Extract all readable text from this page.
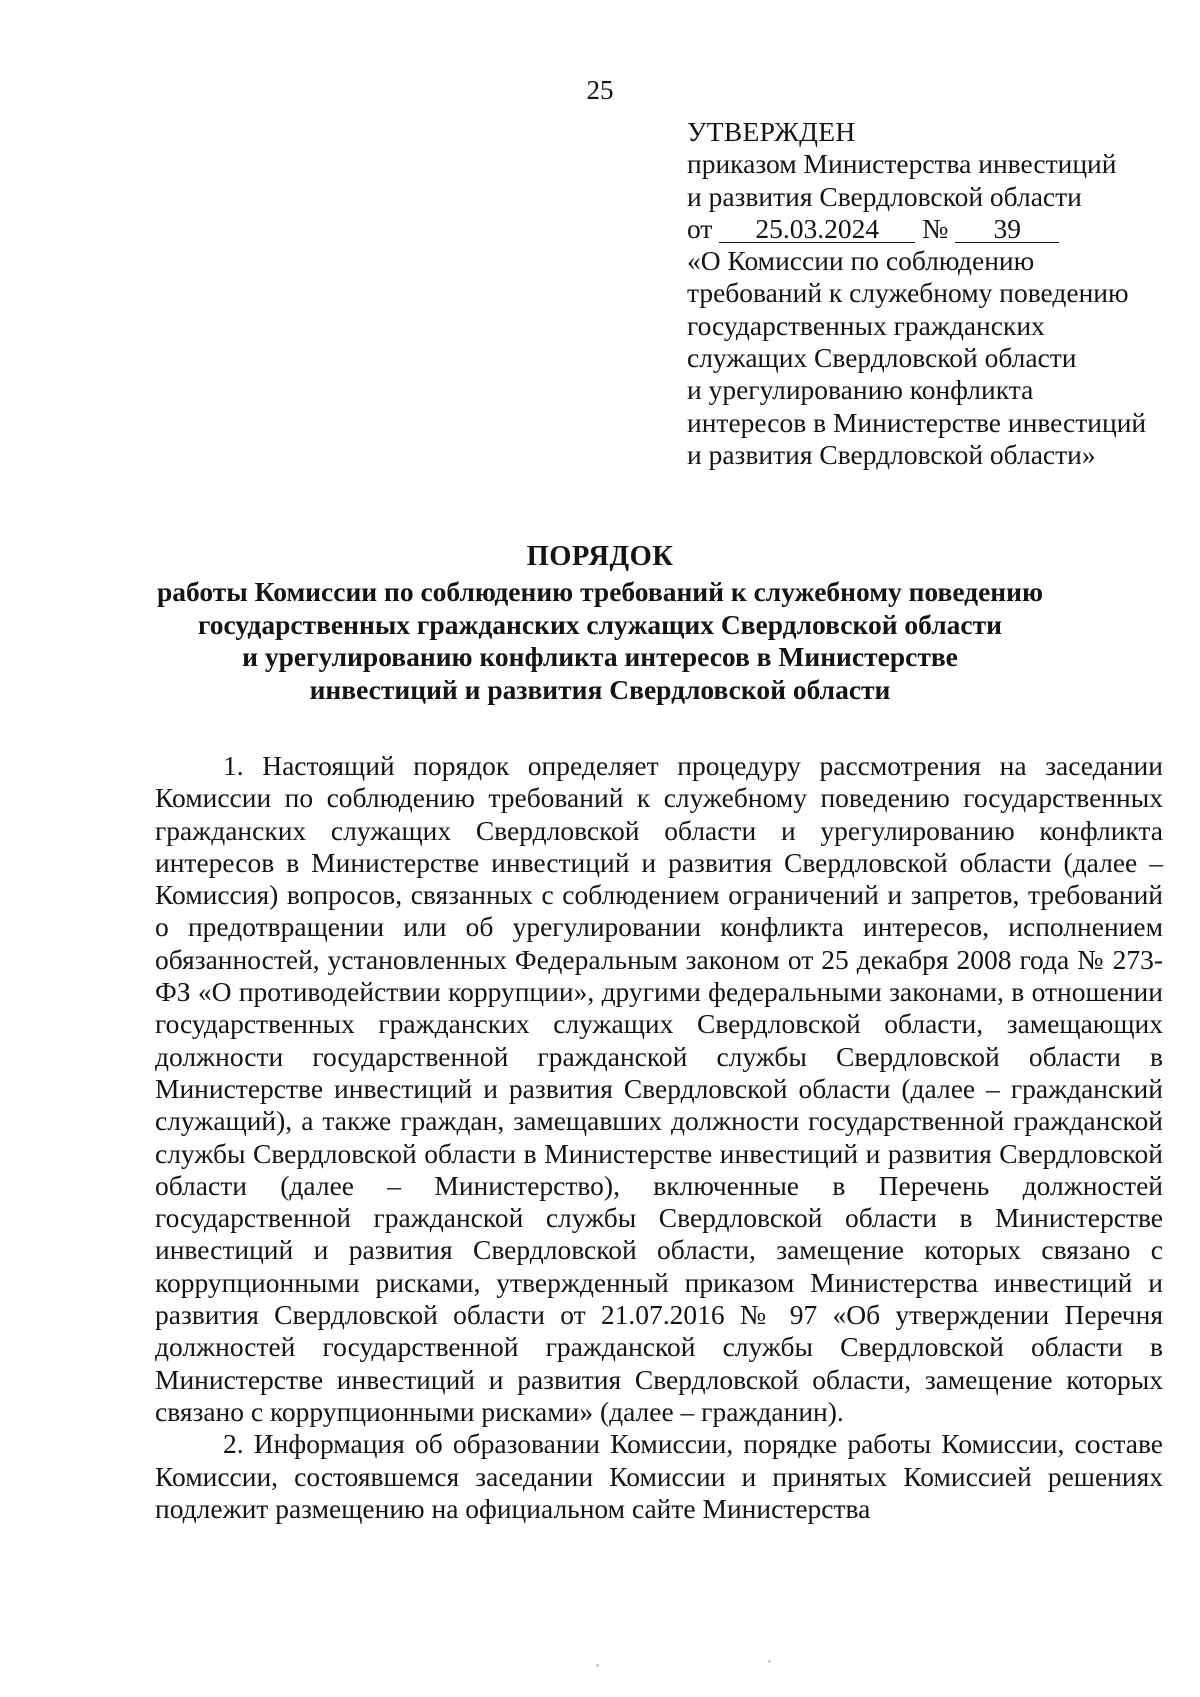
25
УТВЕРЖДЕН
приказом Министерства инвестиций
и развития Свердловской области
от 25.03.2024 № 39
«О Комиссии по соблюдению
требований к служебному поведению
государственных гражданских
служащих Свердловской области
и урегулированию конфликта
интересов в Министерстве инвестиций
и развития Свердловской области»
ПОРЯДОК
работы Комиссии по соблюдению требований к служебному поведению
государственных гражданских служащих Свердловской области
и урегулированию конфликта интересов в Министерстве
инвестиций и развития Свердловской области

1. Настоящий порядок определяет процедуру рассмотрения на заседании Комиссии по соблюдению требований к служебному поведению государственных гражданских служащих Свердловской области и урегулированию конфликта интересов в Министерстве инвестиций и развития Свердловской области (далее – Комиссия) вопросов, связанных с соблюдением ограничений и запретов, требований о предотвращении или об урегулировании конфликта интересов, исполнением обязанностей, установленных Федеральным законом от 25 декабря 2008 года № 273-ФЗ «О противодействии коррупции», другими федеральными законами, в отношении государственных гражданских служащих Свердловской области, замещающих должности государственной гражданской службы Свердловской области в Министерстве инвестиций и развития Свердловской области (далее – гражданский служащий), а также граждан, замещавших должности государственной гражданской службы Свердловской области в Министерстве инвестиций и развития Свердловской области (далее – Министерство), включенные в Перечень должностей государственной гражданской службы Свердловской области в Министерстве инвестиций и развития Свердловской области, замещение которых связано с коррупционными рисками, утвержденный приказом Министерства инвестиций и развития Свердловской области от 21.07.2016 № 97 «Об утверждении Перечня должностей государственной гражданской службы Свердловской области в Министерстве инвестиций и развития Свердловской области, замещение которых связано с коррупционными рисками» (далее – гражданин).

2. Информация об образовании Комиссии, порядке работы Комиссии, составе Комиссии, состоявшемся заседании Комиссии и принятых Комиссией решениях подлежит размещению на официальном сайте Министерства
